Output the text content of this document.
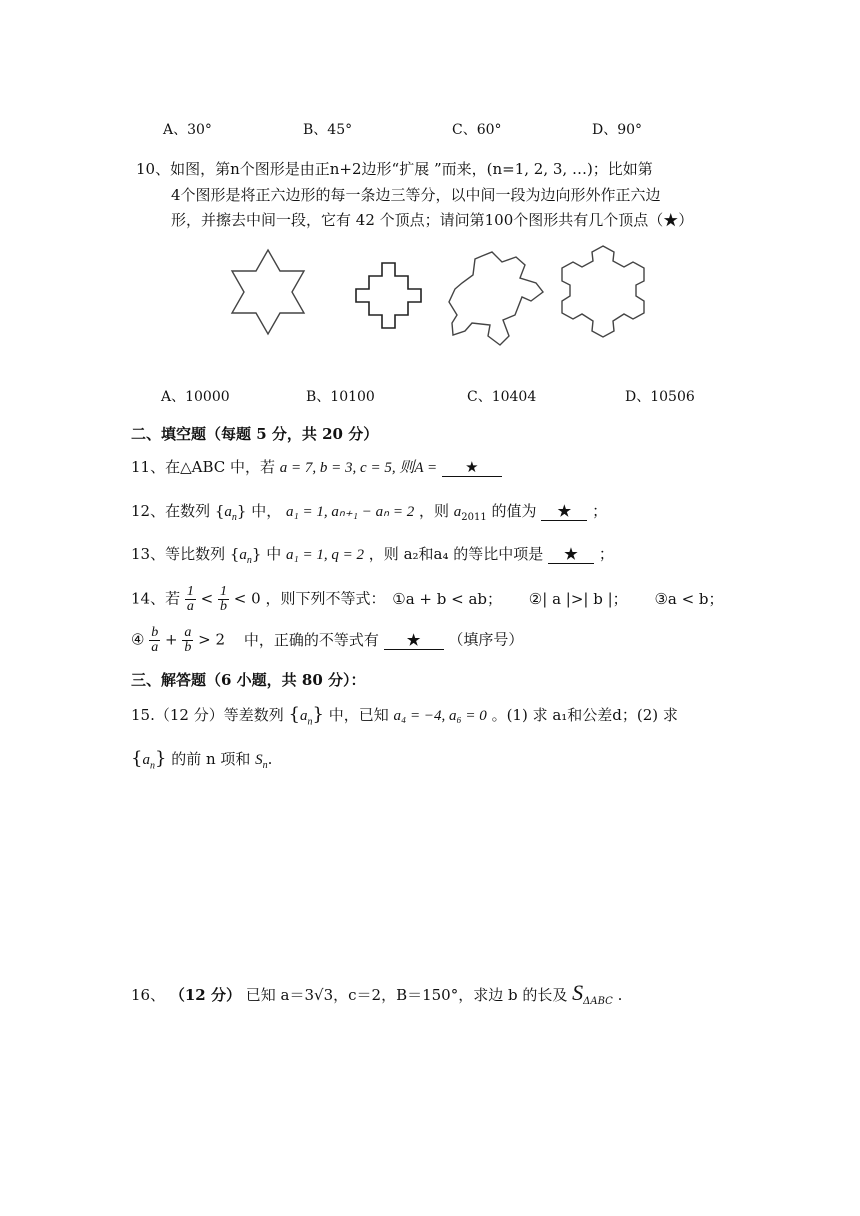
A、30°	B、45°	C、60°	D、90°
10、如图，第n个图形是由正n+2边形“扩展 ”而来，(n=1, 2, 3, …)；比如第
4个图形是将正六边形的每一条边三等分，以中间一段为边向形外作正六边
形，并擦去中间一段，它有 42 个顶点；请问第100个图形共有几个顶点（★）
A、10000	B、10100	C、10404	D、10506
二、填空题（每题 5 分，共 20 分）
11、在△ABC 中，若 a = 7, b = 3, c = 5, 则A = ★
12、在数列 $\{a_n\}$ 中， a₁ = 1, aₙ₊₁ − aₙ = 2 ，则 $a_{2011}$ 的值为 ★ ；
13、等比数列 $\{a_n\}$ 中 a₁ = 1, q = 2 ，则 a₂和a₄ 的等比中项是 ★ ；
14、若 $\frac{1}{a} < \frac{1}{b} < 0$ ，则下列不等式： ①a + b < ab； ②| a |>| b |； ③a < b；
④ $\frac{b}{a} + \frac{a}{b} > 2$ 中，正确的不等式有 ★ （填序号）
三、解答题（6 小题，共 80 分）：
15.（12 分）等差数列 $\{a_n\}$ 中，已知 a₄ = −4, a₆ = 0 。(1) 求 a₁和公差d；(2) 求
$\{a_n\}$ 的前 n 项和 $S_n$.
16、 （12 分） 已知 a＝3√3，c＝2，B＝150°，求边 b 的长及 $S_{\Delta ABC}$ .
